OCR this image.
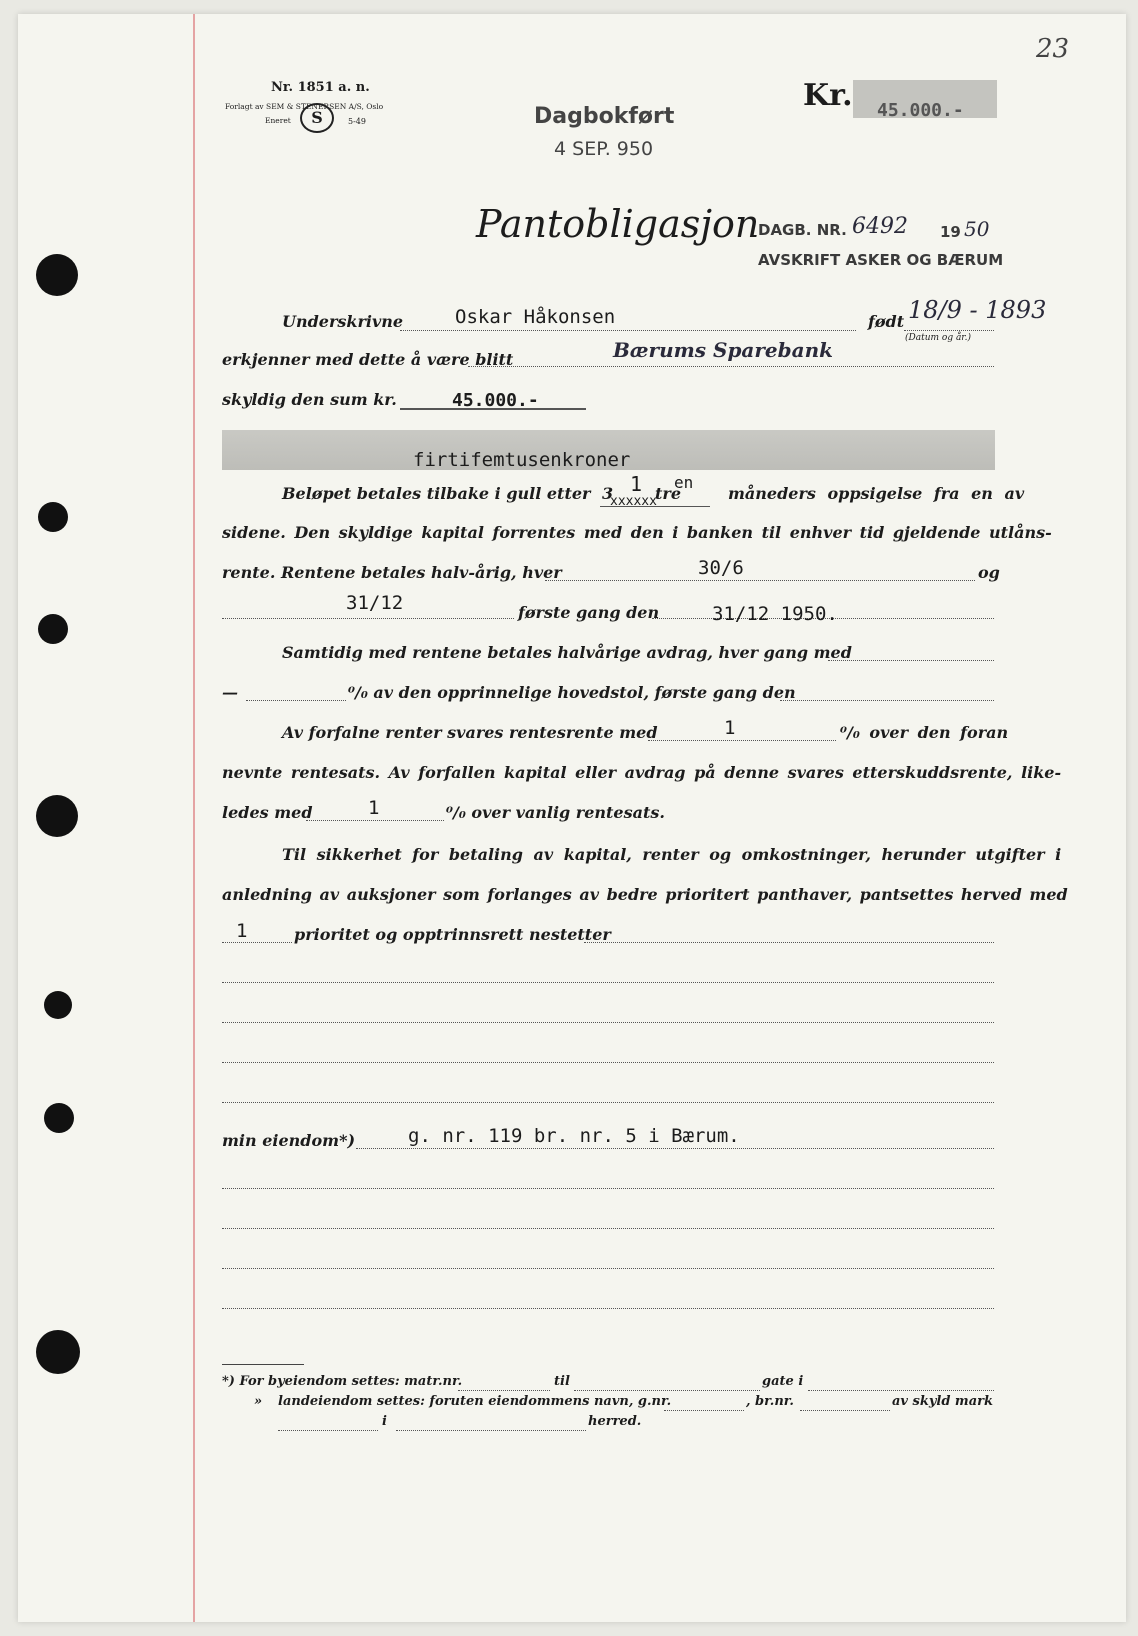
23
Nr. 1851 a. n.
Forlagt av SEM & STENERSEN A/S, Oslo
Eneret	S	5-49
Kr. 45.000.-
Dagbokført
4 SEP. 950
Pantobligasjon
DAGB. NR. 6492 19 50
AVSKRIFT ASKER OG BÆRUM
Underskrivne	Oskar Håkonsen	født 18/9 - 1893
(Datum og år.)
erkjenner med dette å være blitt	Bærums Sparebank
skyldig den sum kr.	45.000.-
firtifemtusenkroner
Beløpet betales tilbake i gull etter 3 1
xxxxxx
tre
en
måneders oppsigelse fra en av
sidene. Den skyldige kapital forrentes med den i banken til enhver tid gjeldende utlåns-
rente. Rentene betales halv-årig, hver	30/6	og
31/12	første gang den	31/12 1950.
Samtidig med rentene betales halvårige avdrag, hver gang med
—	⁰/₀ av den opprinnelige hovedstol, første gang den
Av forfalne renter svares rentesrente med	1	⁰/₀ over den foran
nevnte rentesats. Av forfallen kapital eller avdrag på denne svares etterskuddsrente, like-
ledes med	1	⁰/₀ over vanlig rentesats.
Til sikkerhet for betaling av kapital, renter og omkostninger, herunder utgifter i
anledning av auksjoner som forlanges av bedre prioritert panthaver, pantsettes herved med
1	prioritet og opptrinnsrett nestetter
min eiendom*)	g. nr. 119 br. nr. 5 i Bærum.
*) For byeiendom settes: matr.nr.	til	gate i
» landeiendom settes: foruten eiendommens navn, g.nr.	, br.nr.	av skyld mark
i	herred.
